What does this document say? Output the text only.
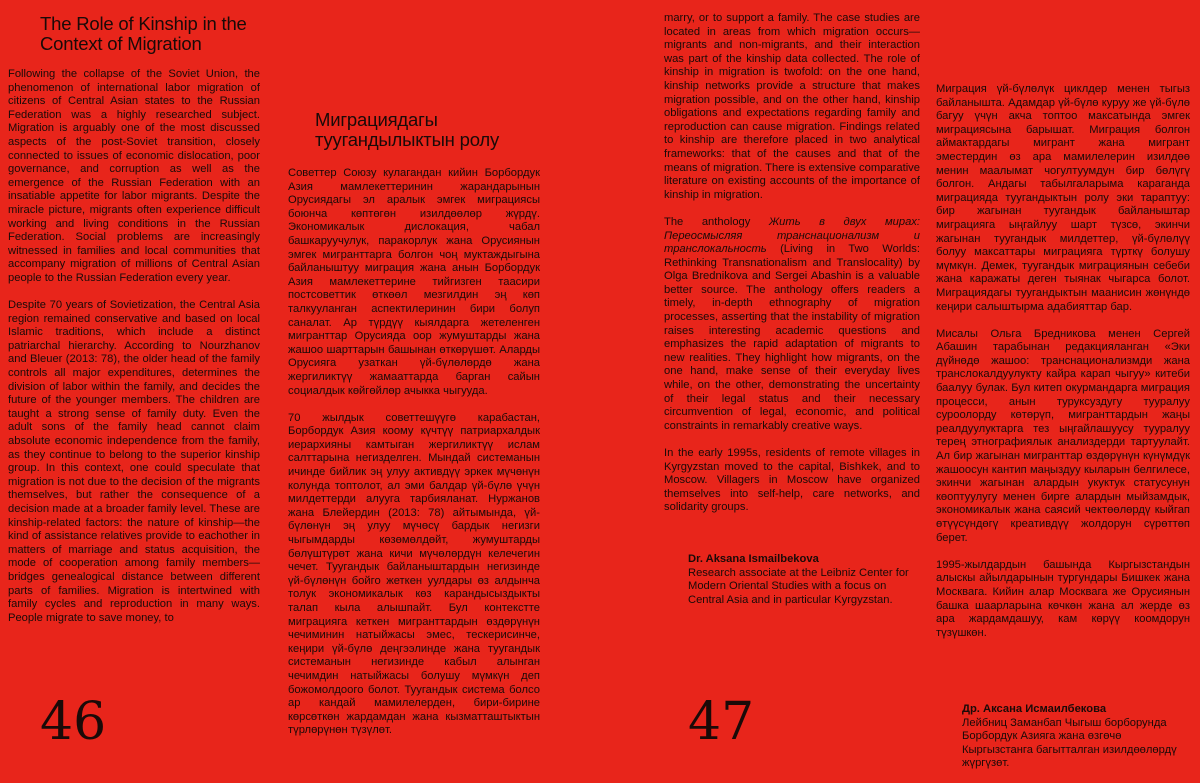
The Role of Kinship in the Context of Migration

Following the collapse of the Soviet Union, the phenomenon of international labor migration of citizens of Central Asian states to the Russian Federation was a highly researched subject. Migration is arguably one of the most discussed aspects of the post-Soviet transition, closely connected to issues of economic dislocation, poor governance, and corruption as well as the emergence of the Russian Federation with an insatiable appetite for labor migrants. Despite the miracle picture, migrants often experience difficult working and living conditions in the Russian Federation. Social problems are increasingly witnessed in families and local communities that accompany migration of millions of Central Asian people to the Russian Federation every year.

Despite 70 years of Sovietization, the Central Asia region remained conservative and based on local Islamic traditions, which include a distinct patriarchal hierarchy. According to Nourzhanov and Bleuer (2013: 78), the older head of the family controls all major expenditures, determines the division of labor within the family, and decides the future of the younger members. The children are taught a strong sense of family duty. Even the adult sons of the family head cannot claim absolute economic independence from the family, as they continue to belong to the superior kinship group. In this context, one could speculate that migration is not due to the decision of the migrants themselves, but rather the consequence of a decision made at a broader family level. These are kinship-related factors: the nature of kinship—the kind of assistance relatives provide to eachother in matters of marriage and status acquisition, the mode of cooperation among family members—bridges genealogical distance between different parts of families. Migration is intertwined with family cycles and reproduction in many ways. People migrate to save money, to

Миграциядагы туугандылыктын ролу

Советтер Союзу кулагандан кийин Борбордук Азия мамлекеттеринин жарандарынын Орусиядагы эл аралык эмгек миграциясы боюнча көптөгөн изилдөөлөр жүрдү. Экономикалык дислокация, чабал башкаруучулук, паракорлук жана Орусиянын эмгек мигранттарга болгон чоң муктаждыгына байланыштуу миграция жана анын Борбордук Азия мамлекеттерине тийгизген таасири постсоветтик өткөөл мезгилдин эң көп талкууланган аспектилеринин бири болуп саналат. Ар түрдүү кыялдарга жетеленген мигранттар Орусияда оор жумуштарды жана жашоо шарттарын башынан өткөрүшөт. Аларды Орусияга узаткан үй-бүлөлөрдө жана жергиликтүү жамааттарда барган сайын социалдык көйгөйлөр ачыкка чыгууда.

70 жылдык советтешүүгө карабастан, Борбордук Азия коому күчтүү патриархалдык иерархияны камтыган жергиликтүү ислам салттарына негизделген. Мындай системанын ичинде бийлик эң улуу активдүү эркек мүчөнүн колунда топтолот, ал эми балдар үй-бүлө үчүн милдеттерди алууга тарбияланат. Нуржанов жана Блейердин (2013: 78) айтымында, үй-бүлөнүн эң улуу мүчөсү бардык негизги чыгымдарды көзөмөлдөйт, жумуштарды бөлүштүрөт жана кичи мүчөлөрдүн келечегин чечет. Туугандык байланыштардын негизинде үй-бүлөнүн бойго жеткен уулдары өз алдынча толук экономикалык көз карандысыздыкты талап кыла алышпайт. Бул контекстте миграцияга кеткен мигранттардын өздөрүнүн чечиминин натыйжасы эмес, тескерисинче, кеңири үй-бүлө деңгээлинде жана туугандык системанын негизинде кабыл алынган чечимдин натыйжасы болушу мүмкүн деп божомолдоого болот. Туугандык система болсо ар кандай мамилелерден, бири-бирине көрсөткөн жардамдан жана кызматташтыктын түрлөрүнөн түзүлөт.

46

marry, or to support a family. The case studies are located in areas from which migration occurs—migrants and non-migrants, and their interaction was part of the kinship data collected. The role of kinship in migration is twofold: on the one hand, kinship networks provide a structure that makes migration possible, and on the other hand, kinship obligations and expectations regarding family and reproduction can cause migration. Findings related to kinship are therefore placed in two analytical frameworks: that of the causes and that of the means of migration. There is extensive comparative literature on existing accounts of the importance of kinship in migration.

The anthology Жить в двух мирах: Переосмысляя транснационализм и транслокальность (Living in Two Worlds: Rethinking Transnationalism and Translocality) by Olga Brednikova and Sergei Abashin is a valuable better source. The anthology offers readers a timely, in-depth ethnography of migration processes, asserting that the instability of migration raises interesting academic questions and emphasizes the rapid adaptation of migrants to new realities. They highlight how migrants, on the one hand, make sense of their everyday lives while, on the other, demonstrating the uncertainty of their legal status and their necessary circumvention of legal, economic, and political constraints in remarkably creative ways.

In the early 1995s, residents of remote villages in Kyrgyzstan moved to the capital, Bishkek, and to Moscow. Villagers in Moscow have organized themselves into self-help, care networks, and solidarity groups.

Dr. Aksana Ismailbekova
Research associate at the Leibniz Center for Modern Oriental Studies with a focus on Central Asia and in particular Kyrgyzstan.

Миграция үй-бүлөлүк циклдер менен тыгыз байланышта. Адамдар үй-бүлө куруу же үй-бүлө багуу үчүн акча топтоо максатында эмгек миграциясына барышат. Миграция болгон аймактардагы мигрант жана мигрант эместердин өз ара мамилелерин изилдөө менин маалымат чогултуумдун бир бөлүгү болгон. Андагы табылгаларыма караганда миграцияда туугандыктын ролу эки тараптуу: бир жагынан туугандык байланыштар миграцияга ыңгайлуу шарт түзсө, экинчи жагынан туугандык милдеттер, үй-бүлөлүү болуу максаттары миграцияга түрткү болушу мүмкүн. Демек, туугандык миграциянын себеби жана каражаты деген тыянак чыгарса болот. Миграциядагы туугандыктын маанисин жөнүндө кеңири салыштырма адабияттар бар.

Мисалы Ольга Бредникова менен Сергей Абашин тарабынан редакцияланган «Эки дүйнөдө жашоо: транснационализмди жана транслокалдуулукту кайра карап чыгуу» китеби баалуу булак. Бул китеп окурмандарга миграция процесси, анын туруксуздугу тууралуу суроолорду көтөрүп, мигранттардын жаңы реалдуулуктарга тез ыңгайлашуусу тууралуу терең этнографиялык анализдерди тартуулайт. Ал бир жагынан мигранттар өздөрүнүн күнүмдүк жашоосун кантип маңыздуу кыларын белгилесе, экинчи жагынан алардын укуктук статусунун көоптуулугу менен бирге алардын мыйзамдык, экономикалык жана саясий чектөөлөрдү кыйгап өтүүсүндөгү креативдүү жолдорун сүрөттөп берет.

1995-жылдардын башында Кыргызстандын алыскы айылдарынын тургундары Бишкек жана Москвага. Кийин алар Москвага же Орусиянын башка шаарларына көчкөн жана ал жерде өз ара жардамдашуу, кам көрүү коомдорун түзүшкөн.

Др. Аксана Исмаилбекова
Лейбниц Заманбап Чыгыш борборунда Борбордук Азияга жана өзгөчө Кыргызстанга багытталган изилдөөлөрдү жүргүзөт.
47
